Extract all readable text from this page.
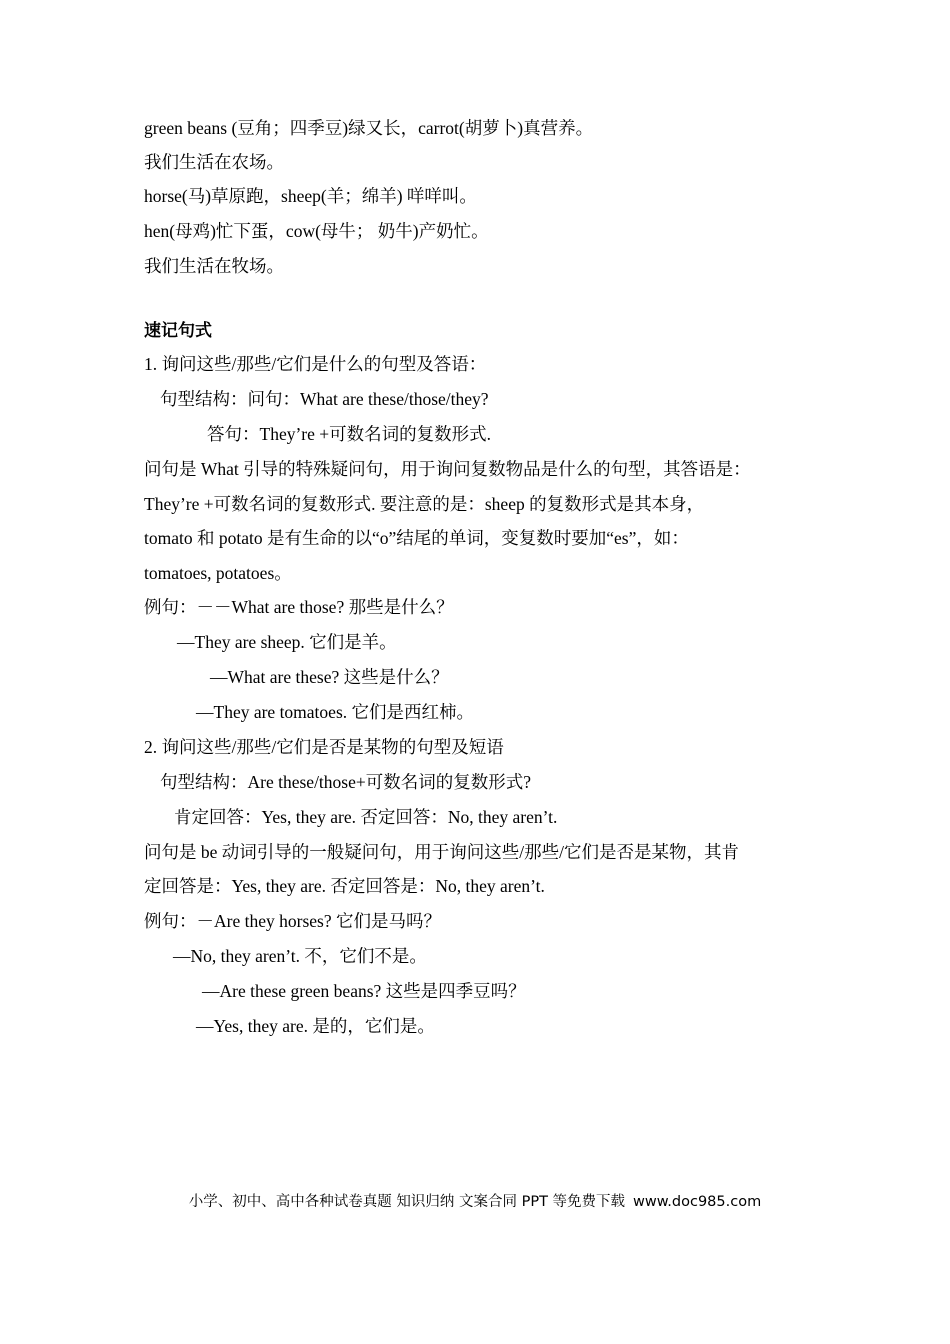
green beans (豆角；四季豆)绿又长，carrot(胡萝卜)真营养。
我们生活在农场。
horse(马)草原跑，sheep(羊；绵羊) 咩咩叫。
hen(母鸡)忙下蛋，cow(母牛； 奶牛)产奶忙。
我们生活在牧场。
速记句式
1. 询问这些/那些/它们是什么的句型及答语：
句型结构：问句：What are these/those/they?
答句：They’re +可数名词的复数形式.
问句是 What 引导的特殊疑问句，用于询问复数物品是什么的句型，其答语是：
They’re +可数名词的复数形式. 要注意的是：sheep 的复数形式是其本身，
tomato 和 potato 是有生命的以“o”结尾的单词，变复数时要加“es”，如：
tomatoes, potatoes。
例句：－－What are those? 那些是什么？
—They are sheep. 它们是羊。
—What are these? 这些是什么？
—They are tomatoes. 它们是西红柿。
2. 询问这些/那些/它们是否是某物的句型及短语
句型结构：Are these/those+可数名词的复数形式?
肯定回答：Yes, they are. 否定回答：No, they aren’t.
问句是 be 动词引导的一般疑问句，用于询问这些/那些/它们是否是某物，其肯
定回答是：Yes, they are. 否定回答是：No, they aren’t.
例句：－Are they horses? 它们是马吗？
—No, they aren’t. 不，它们不是。
—Are these green beans? 这些是四季豆吗？
—Yes, they are. 是的，它们是。
小学、初中、高中各种试卷真题 知识归纳 文案合同 PPT 等免费下载 www.doc985.com
